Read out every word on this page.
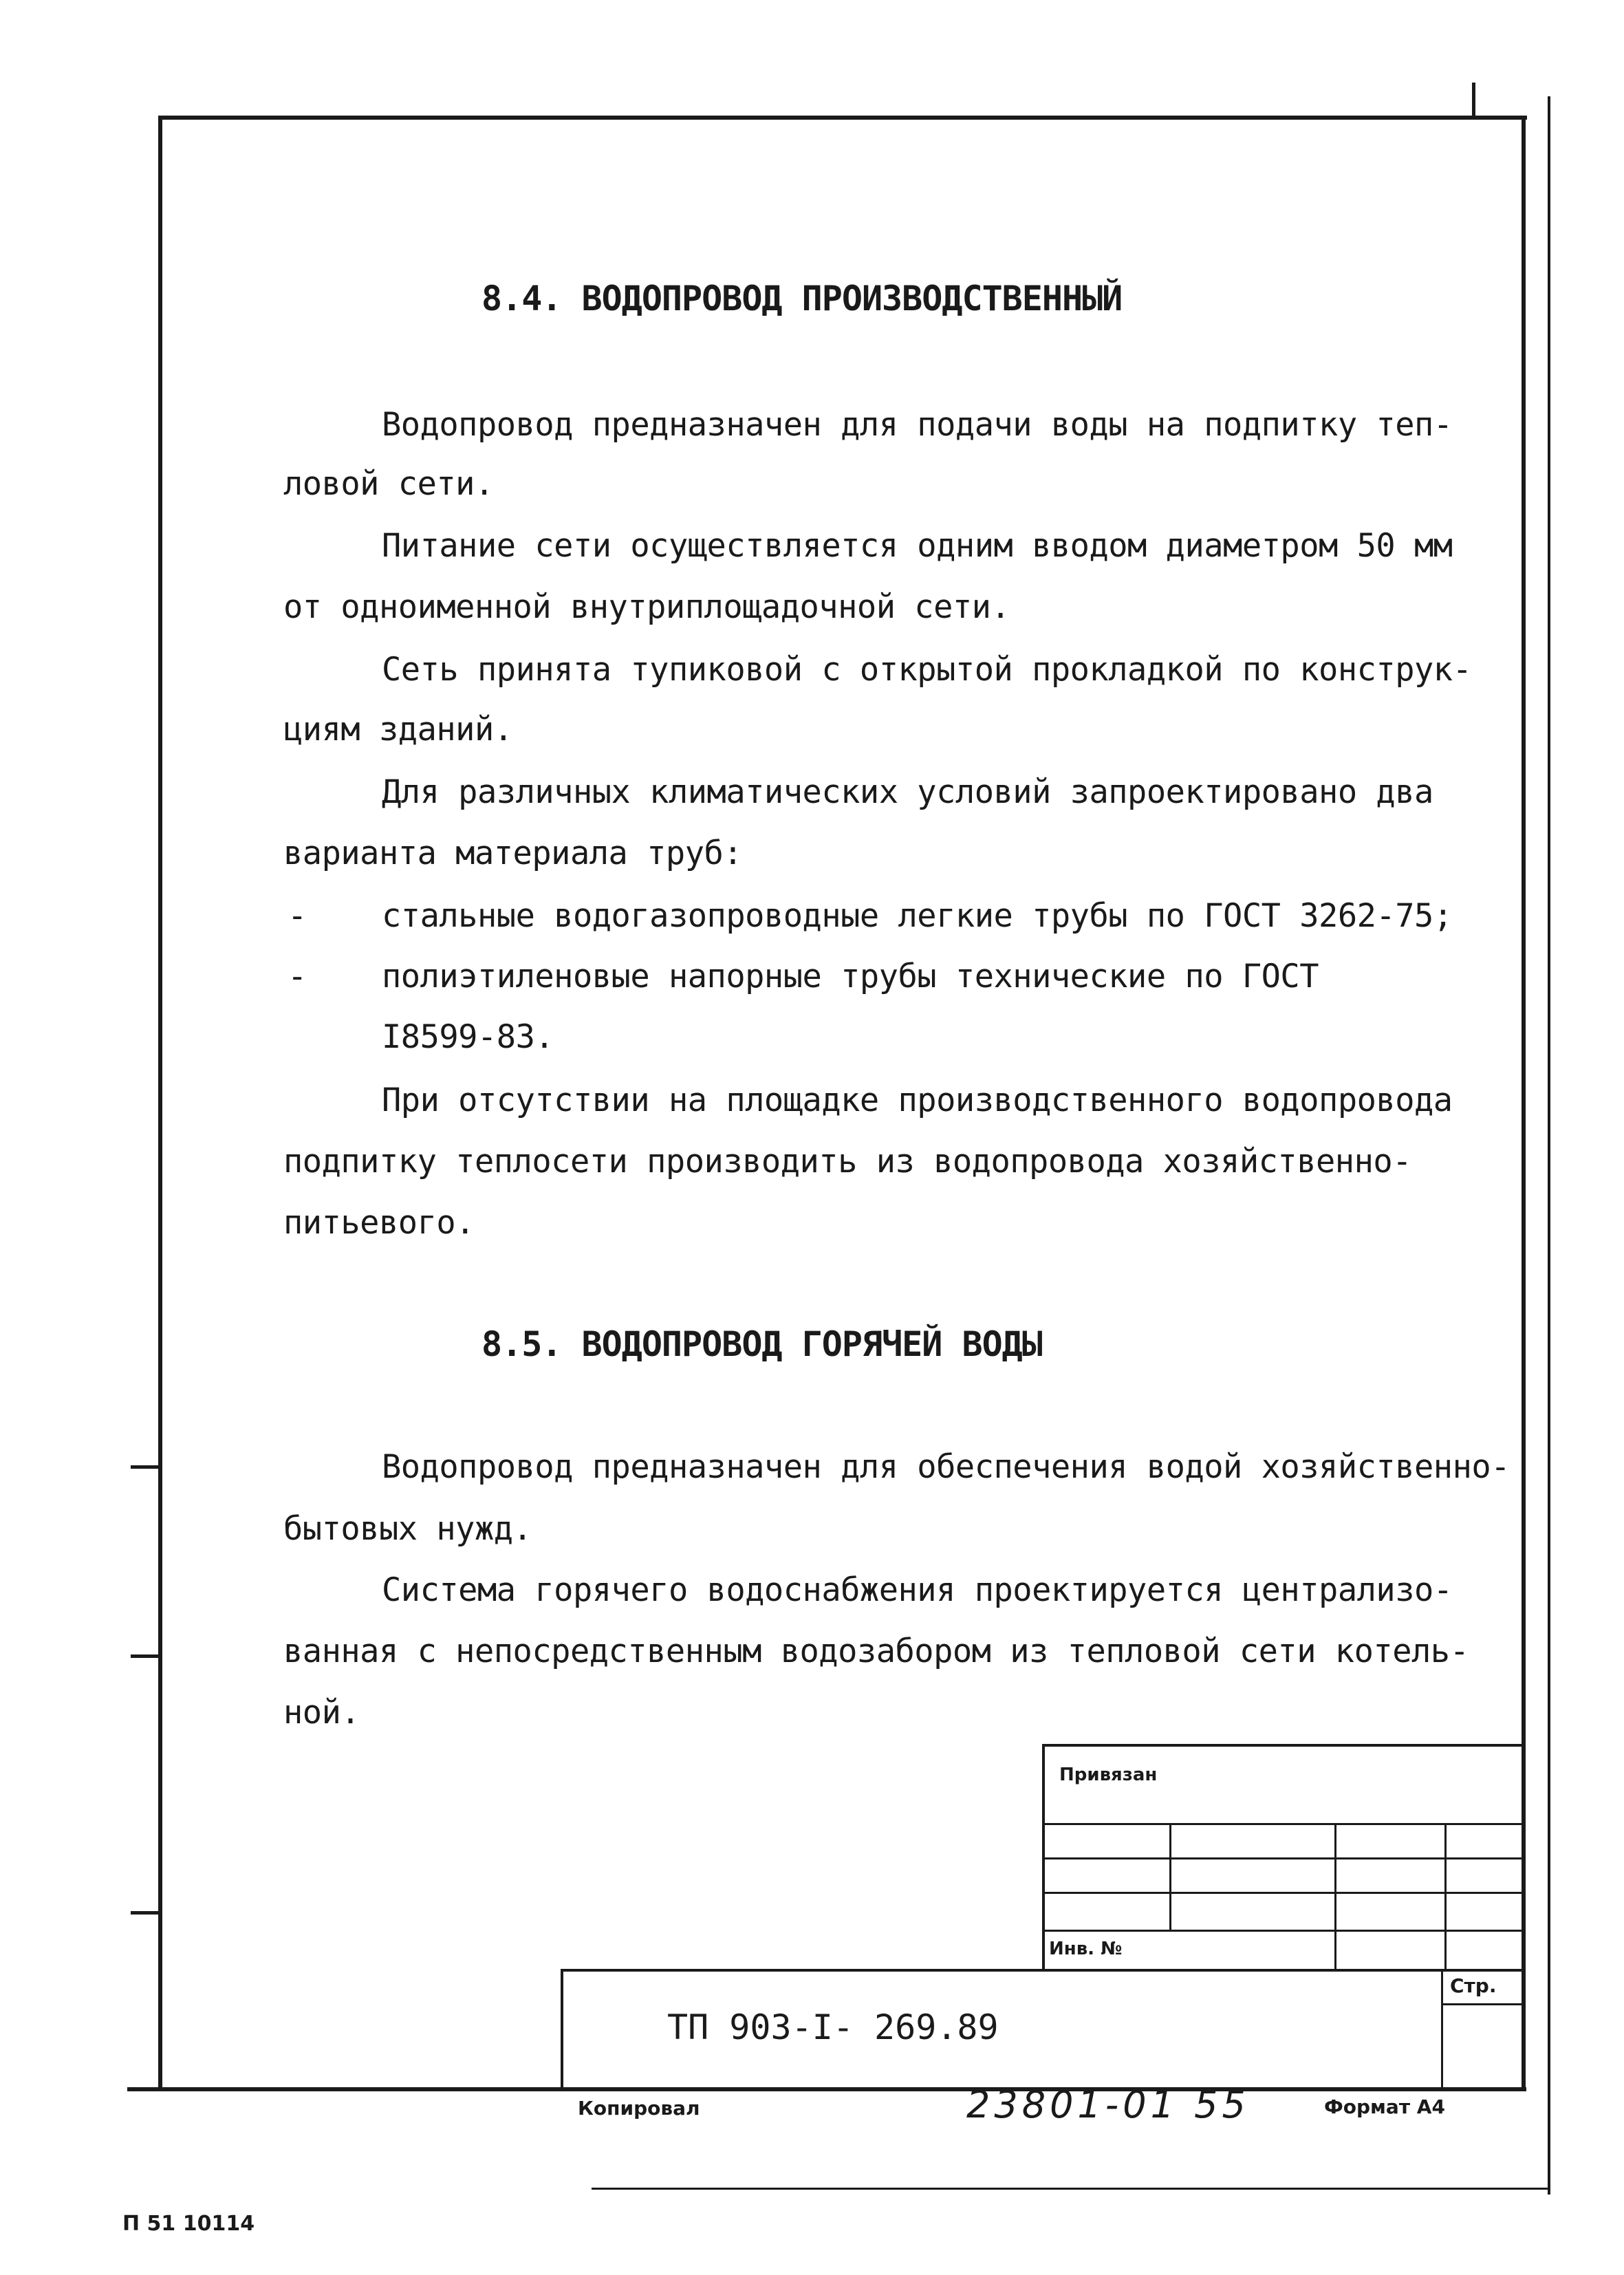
8.4. ВОДОПРОВОД ПРОИЗВОДСТВЕННЫЙ
Водопровод предназначен для подачи воды на подпитку теп-
ловой сети.
Питание сети осуществляется одним вводом диаметром 50 мм
от одноименной внутриплощадочной сети.
Сеть принята тупиковой с открытой прокладкой по конструк-
циям зданий.
Для различных климатических условий запроектировано два
варианта материала труб:
- стальные водогазопроводные легкие трубы по ГОСТ 3262-75;
- полиэтиленовые напорные трубы технические по ГОСТ
I8599-83.
При отсутствии на площадке производственного водопровода
подпитку теплосети производить из водопровода хозяйственно-
питьевого.
8.5. ВОДОПРОВОД ГОРЯЧЕЙ ВОДЫ
Водопровод предназначен для обеспечения водой хозяйственно-
бытовых нужд.
Система горячего водоснабжения проектируется централизо-
ванная с непосредственным водозабором из тепловой сети котель-
ной.
Привязан
Инв. №
Стр.
ТП 903-I- 269.89
Копировал	23801-01 55	Формат А4
П 51 10114
